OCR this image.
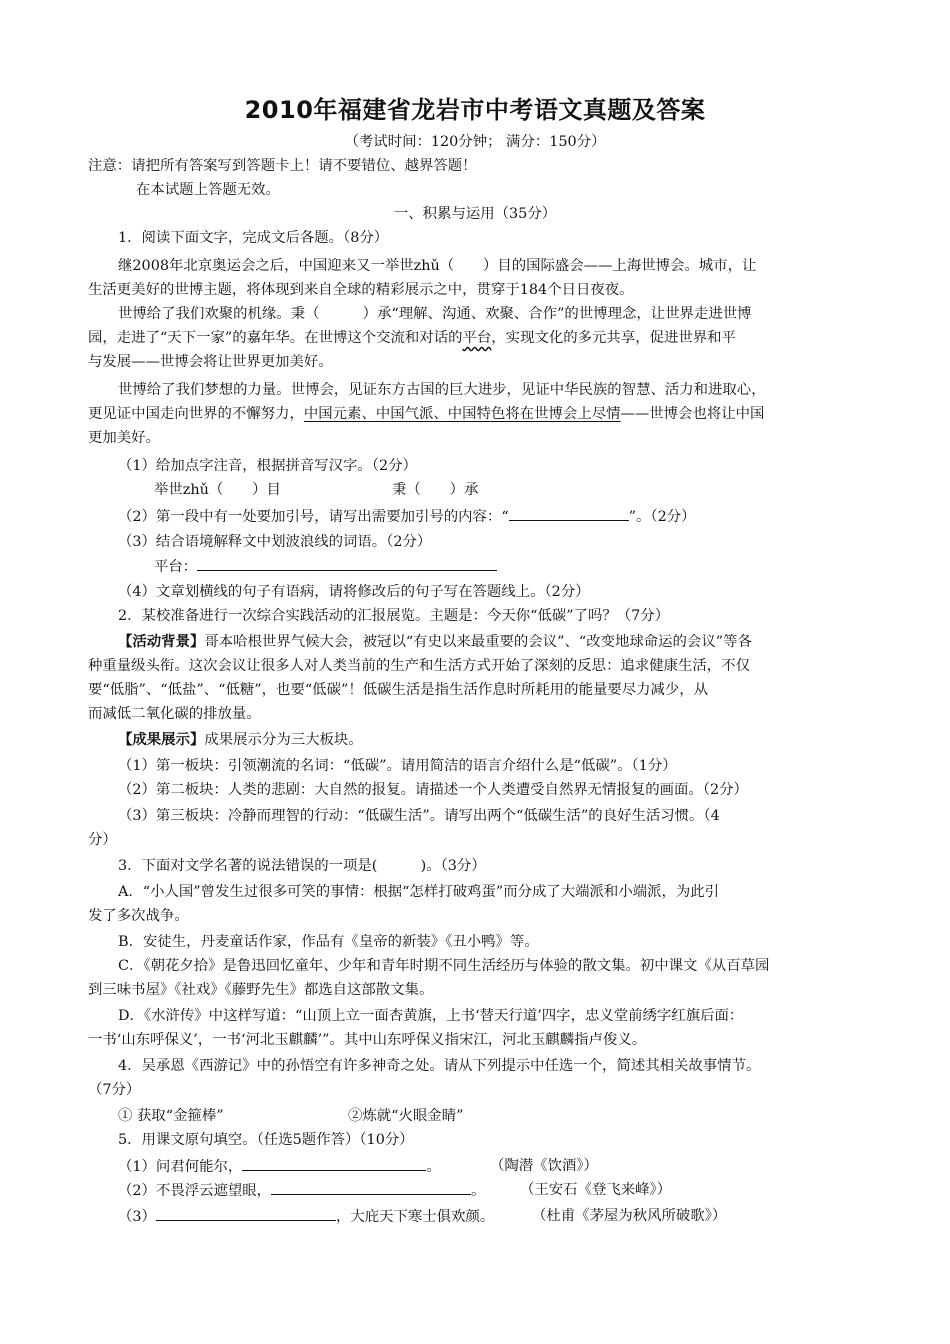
2010年福建省龙岩市中考语文真题及答案
（考试时间：120分钟； 满分：150分）
注意：请把所有答案写到答题卡上！请不要错位、越界答题！
在本试题上答题无效。
一、积累与运用（35分）
1．阅读下面文字，完成文后各题。（8分）
继2008年北京奥运会之后，中国迎来又一举世zhǔ（　　）目的国际盛会——上海世博会。城市，让
生活更美好的世博主题，将体现到来自全球的精彩展示之中，贯穿于184个日日夜夜。
世博给了我们欢聚的机缘。秉（　　　）承“理解、沟通、欢聚、合作”的世博理念，让世界走进世博
园，走进了“天下一家”的嘉年华。在世博这个交流和对话的平台，实现文化的多元共享，促进世界和平
与发展——世博会将让世界更加美好。
世博给了我们梦想的力量。世博会，见证东方古国的巨大进步，见证中华民族的智慧、活力和进取心，
更见证中国走向世界的不懈努力，中国元素、中国气派、中国特色将在世博会上尽情——世博会也将让中国
更加美好。
（1）给加点字注音，根据拼音写汉字。（2分）
举世zhǔ（　　）目	秉（　　）承
（2）第一段中有一处要加引号，请写出需要加引号的内容：“	”。（2分）
（3）结合语境解释文中划波浪线的词语。（2分）
平台：
（4）文章划横线的句子有语病，请将修改后的句子写在答题线上。（2分）
2．某校准备进行一次综合实践活动的汇报展览。主题是：今天你“低碳”了吗？（7分）
【活动背景】哥本哈根世界气候大会，被冠以“有史以来最重要的会议”、“改变地球命运的会议”等各
种重量级头衔。这次会议让很多人对人类当前的生产和生活方式开始了深刻的反思：追求健康生活，不仅
要“低脂”、“低盐”、“低糖”，也要“低碳”！低碳生活是指生活作息时所耗用的能量要尽力减少，从
而减低二氧化碳的排放量。
【成果展示】成果展示分为三大板块。
（1）第一板块：引领潮流的名词：“低碳”。请用简洁的语言介绍什么是“低碳”。（1分）
（2）第二板块：人类的悲剧：大自然的报复。请描述一个人类遭受自然界无情报复的画面。（2分）
（3）第三板块：冷静而理智的行动：“低碳生活”。请写出两个“低碳生活”的良好生活习惯。（4
分）
3．下面对文学名著的说法错误的一项是(　　　)。（3分）
A．“小人国”曾发生过很多可笑的事情：根据“怎样打破鸡蛋”而分成了大端派和小端派，为此引
发了多次战争。
B．安徒生，丹麦童话作家，作品有《皇帝的新装》《丑小鸭》等。
C．《朝花夕拾》是鲁迅回忆童年、少年和青年时期不同生活经历与体验的散文集。初中课文《从百草园
到三味书屋》《社戏》《藤野先生》都选自这部散文集。
D．《水浒传》中这样写道：“山顶上立一面杏黄旗，上书‘替天行道’四字，忠义堂前绣字红旗后面：
一书‘山东呼保义’，一书‘河北玉麒麟’”。其中山东呼保义指宋江，河北玉麒麟指卢俊义。
4．吴承恩《西游记》中的孙悟空有许多神奇之处。请从下列提示中任选一个，简述其相关故事情节。
（7分）
① 获取“金箍棒”	②炼就“火眼金睛”
5．用课文原句填空。（任选5题作答）（10分）
（1）问君何能尔，	。	（陶潜《饮酒》）
（2）不畏浮云遮望眼，	。 （王安石《登飞来峰》）
（3）	，大庇天下寒士俱欢颜。	（杜甫《茅屋为秋风所破歌》）
